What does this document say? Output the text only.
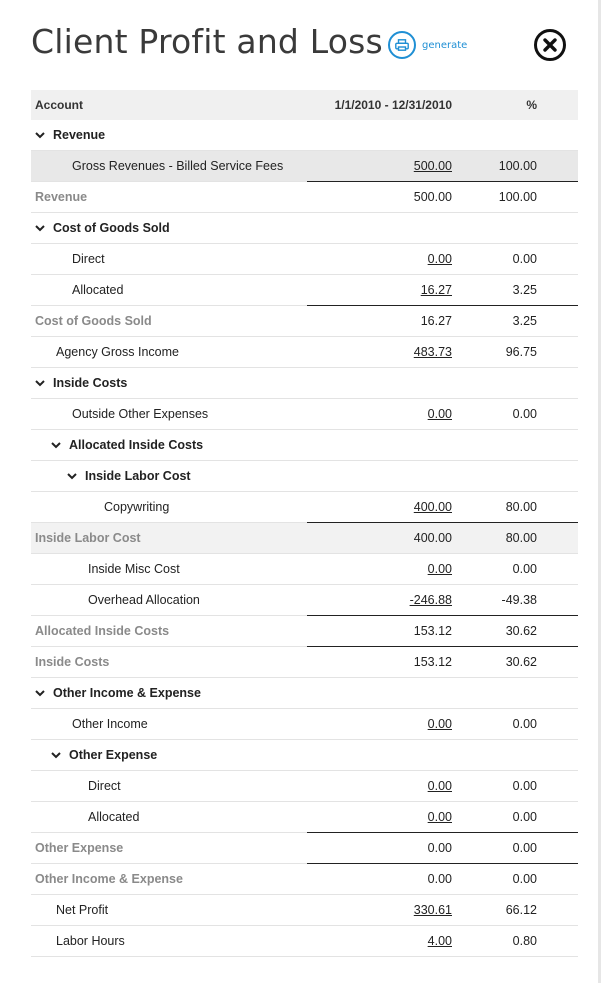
Client Profit and Loss	generate
Account	1/1/2010 - 12/31/2010	%
Revenue
Gross Revenues - Billed Service Fees	500.00	100.00
Revenue	500.00	100.00
Cost of Goods Sold
Direct	0.00	0.00
Allocated	16.27	3.25
Cost of Goods Sold	16.27	3.25
Agency Gross Income	483.73	96.75
Inside Costs
Outside Other Expenses	0.00	0.00
Allocated Inside Costs
Inside Labor Cost
Copywriting	400.00	80.00
Inside Labor Cost	400.00	80.00
Inside Misc Cost	0.00	0.00
Overhead Allocation	-246.88	-49.38
Allocated Inside Costs	153.12	30.62
Inside Costs	153.12	30.62
Other Income & Expense
Other Income	0.00	0.00
Other Expense
Direct	0.00	0.00
Allocated	0.00	0.00
Other Expense	0.00	0.00
Other Income & Expense	0.00	0.00
Net Profit	330.61	66.12
Labor Hours	4.00	0.80
